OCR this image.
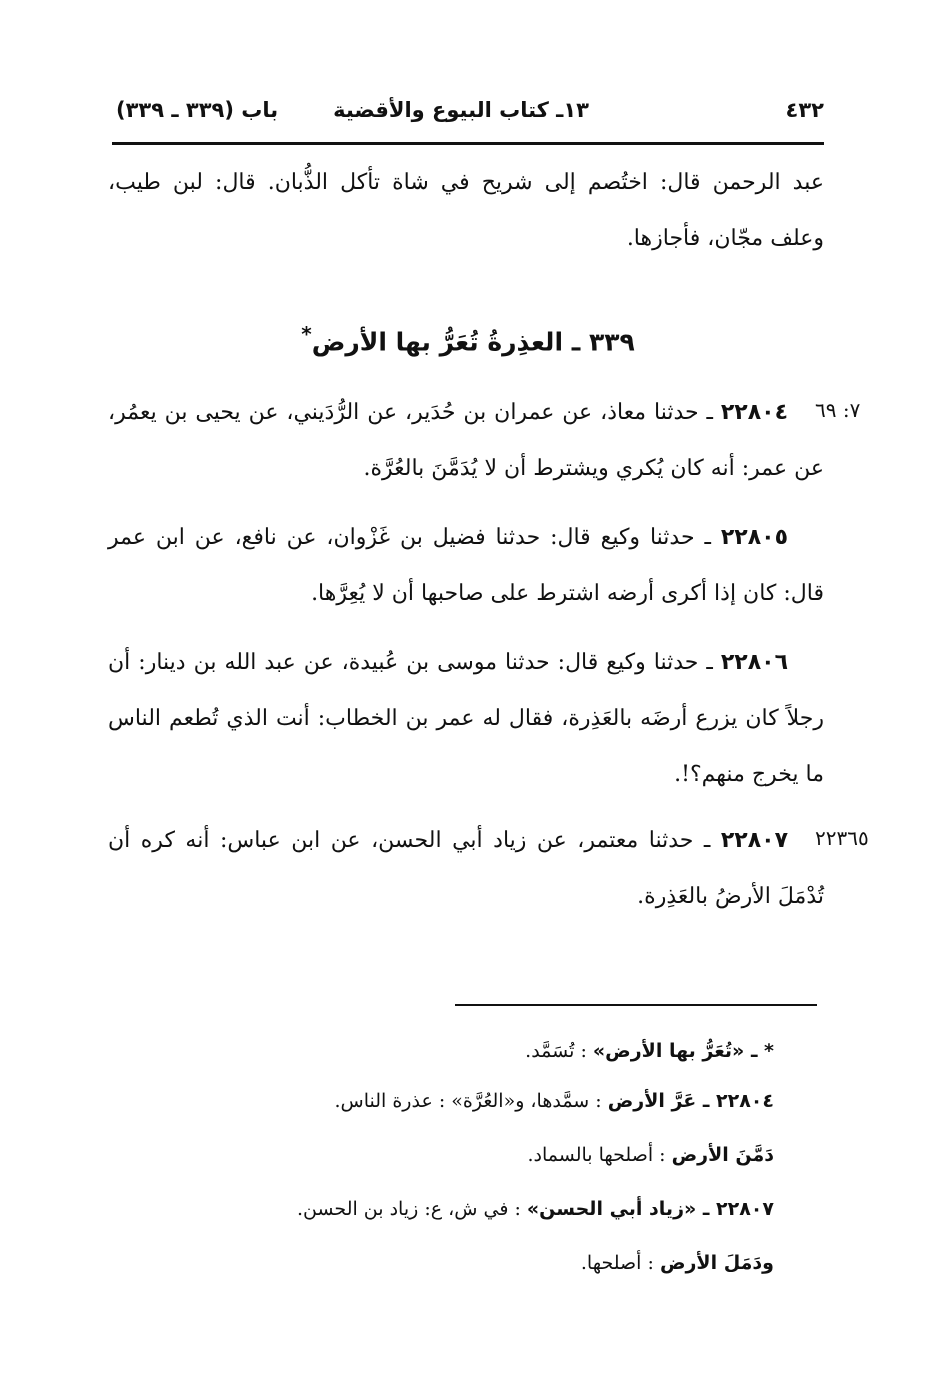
٤٣٢
١٣ـ كتاب البيوع والأقضية
باب (٣٣٩ ـ ٣٣٩)

عبد الرحمن قال: اختُصم إلى شريح في شاة تأكل الذُّبان. قال: لبن طيب، وعلف مجّان، فأجازها.

٣٣٩ ـ العذِرةُ تُعَرُّ بها الأرض*
٧: ٦٩

٢٢٨٠٤ ـ حدثنا معاذ، عن عمران بن حُدَير، عن الرُّدَيني، عن يحيى بن يعمُر، عن عمر: أنه كان يُكري ويشترط أن لا يُدَمَّنَ بالعُرَّة.

٢٢٨٠٥ ـ حدثنا وكيع قال: حدثنا فضيل بن غَزْوان، عن نافع، عن ابن عمر قال: كان إذا أكرى أرضه اشترط على صاحبها أن لا يُعِرَّها.

٢٢٨٠٦ ـ حدثنا وكيع قال: حدثنا موسى بن عُبيدة، عن عبد الله بن دينار: أن رجلاً كان يزرع أرضَه بالعَذِرة، فقال له عمر بن الخطاب: أنت الذي تُطعم الناس ما يخرج منهم؟!.

٢٢٣٦٥

٢٢٨٠٧ ـ حدثنا معتمر، عن زياد أبي الحسن، عن ابن عباس: أنه كره أن تُدْمَلَ الأرضُ بالعَذِرة.

* ـ «تُعَرُّ بها الأرض» : تُسَمَّد.
٢٢٨٠٤ ـ عَرَّ الأرض : سمَّدها، و«العُرَّة» : عذرة الناس.
دَمَّنَ الأرض : أصلحها بالسماد.
٢٢٨٠٧ ـ «زياد أبي الحسن» : في ش، ع: زياد بن الحسن.
ودَمَلَ الأرض : أصلحها.
